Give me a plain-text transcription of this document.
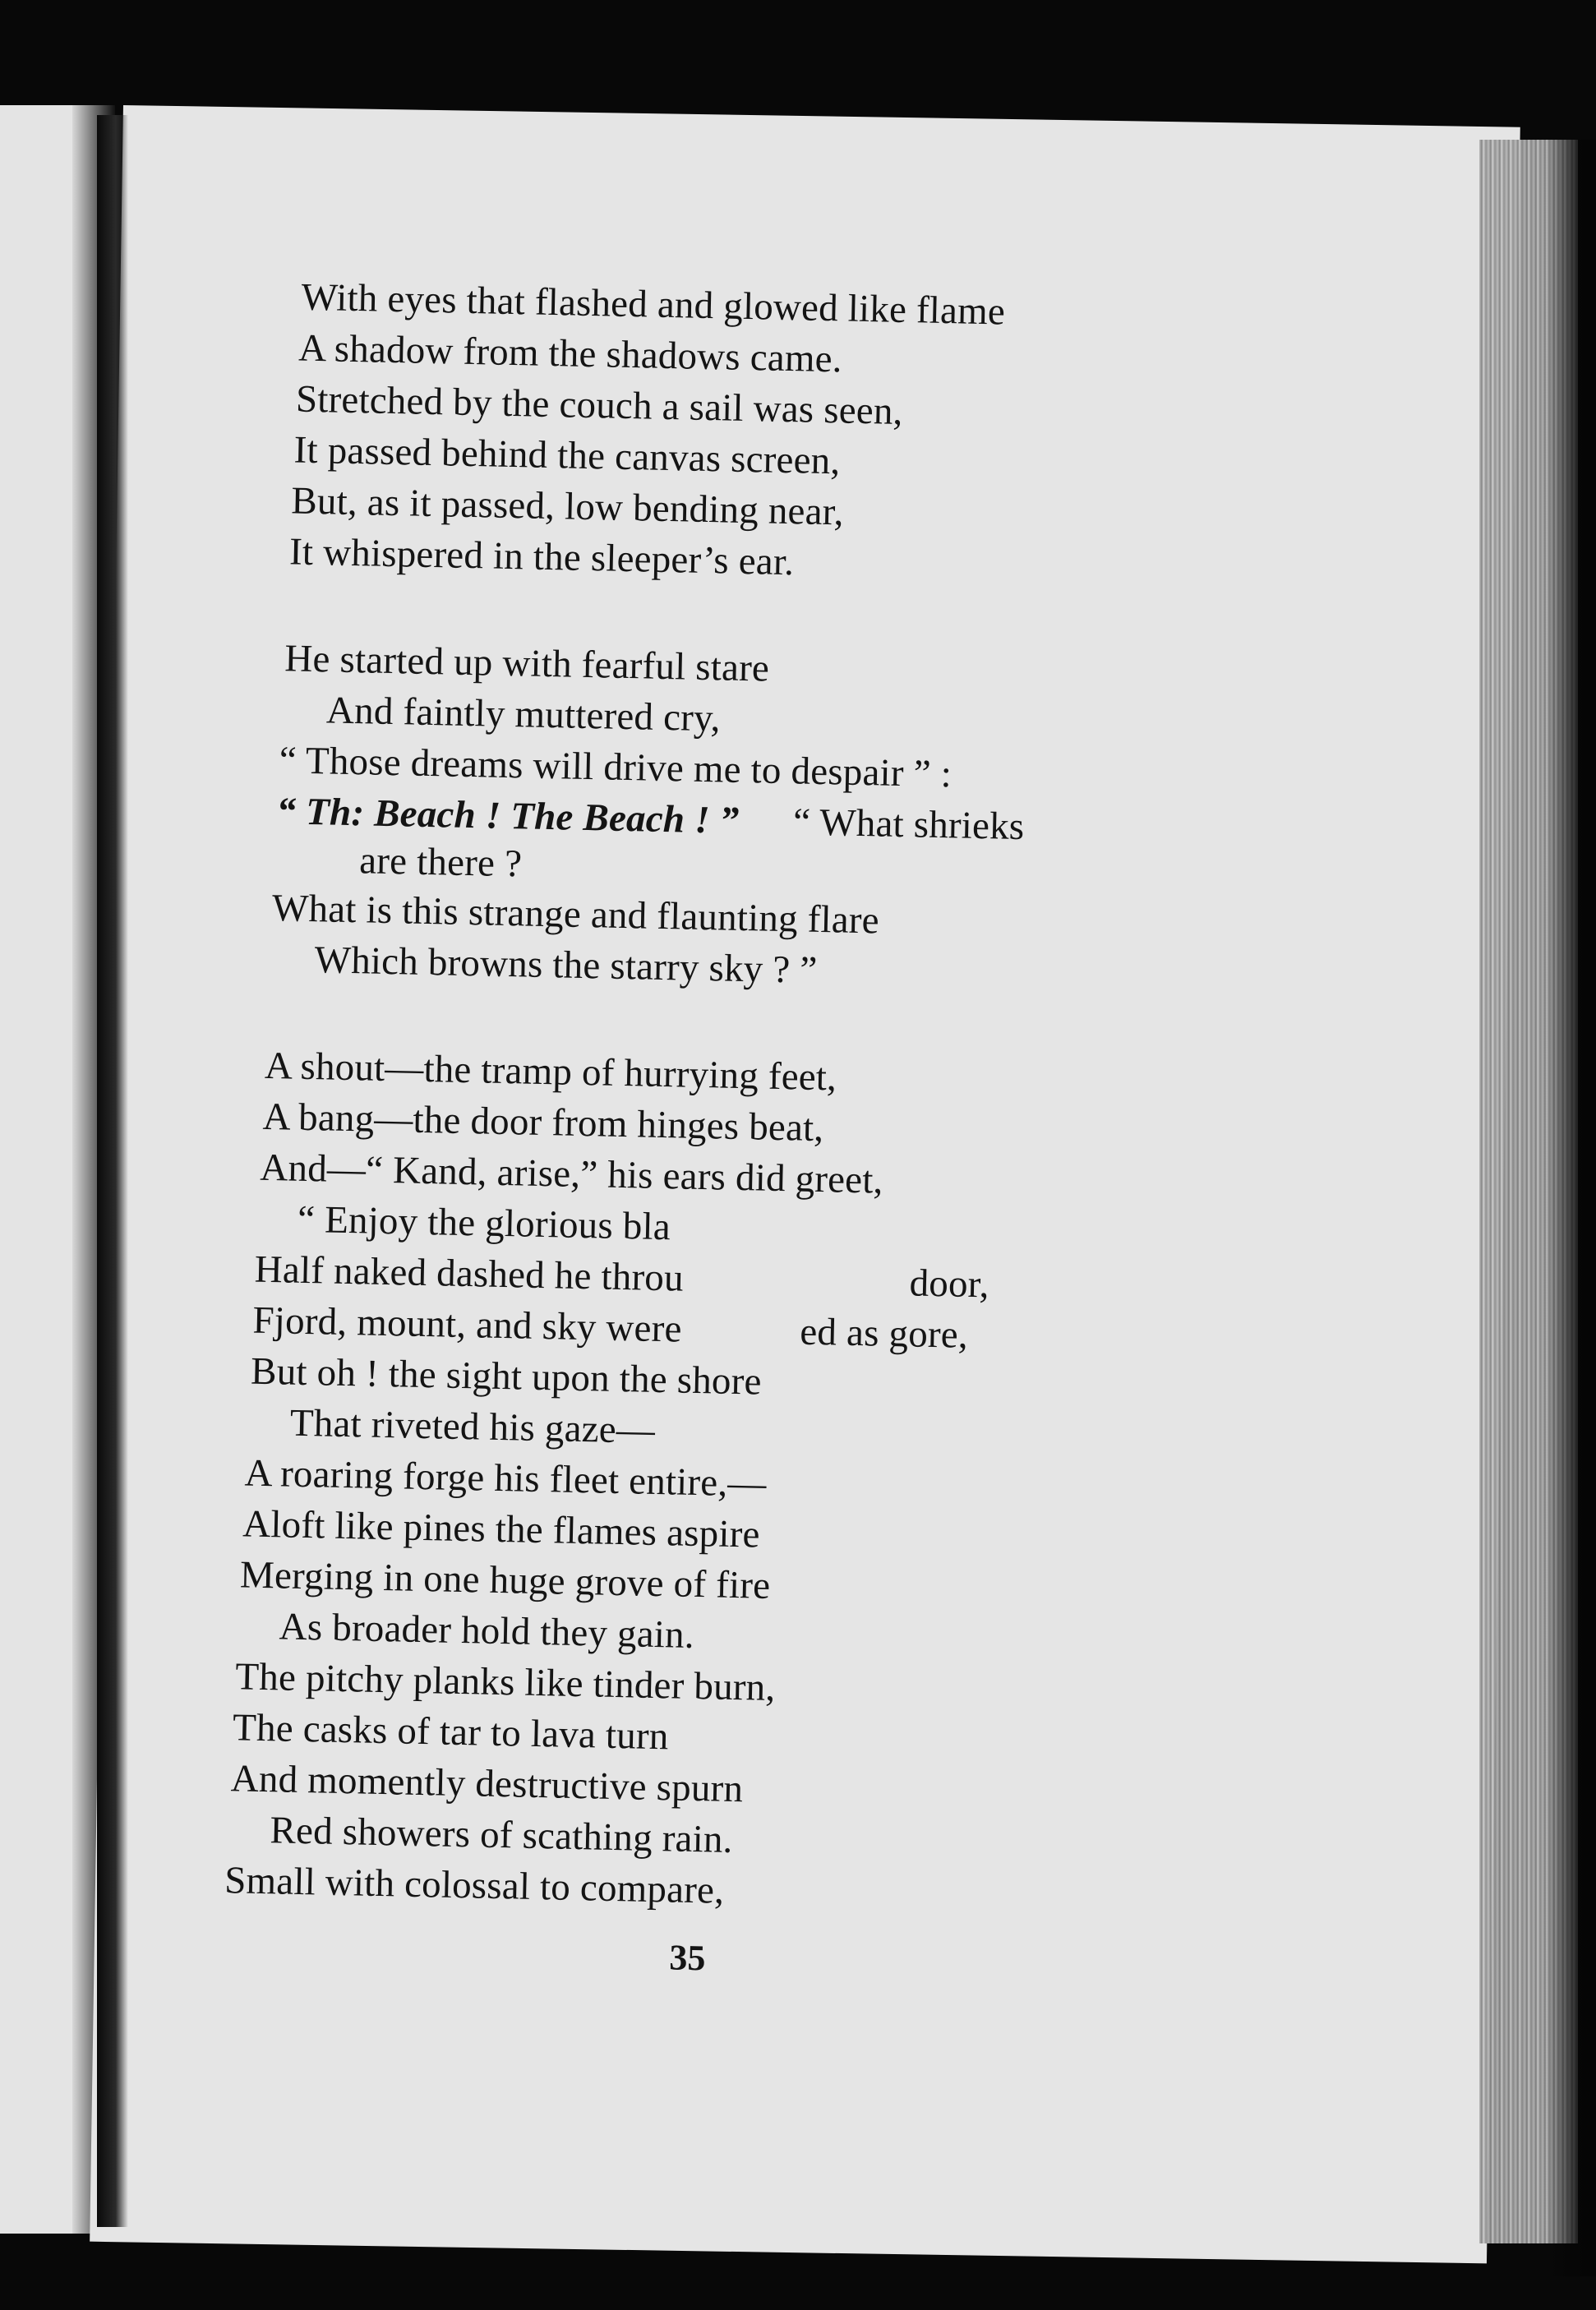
With eyes that flashed and glowed like flame
A shadow from the shadows came.
Stretched by the couch a sail was seen,
It passed behind the canvas screen,
But, as it passed, low bending near,
It whispered in the sleeper’s ear.
He started up with fearful stare
And faintly muttered cry,
“ Those dreams will drive me to despair ” :
“ Th: Beach ! The Beach ! ” “ What shrieks
are there ?
What is this strange and flaunting flare
Which browns the starry sky ? ”
A shout—the tramp of hurrying feet,
A bang—the door from hinges beat,
And—“ Kand, arise,” his ears did greet,
“ Enjoy the glorious bla
Half naked dashed he throu	door,
Fjord, mount, and sky were	ed as gore,
But oh ! the sight upon the shore
That riveted his gaze—
A roaring forge his fleet entire,—
Aloft like pines the flames aspire
Merging in one huge grove of fire
As broader hold they gain.
The pitchy planks like tinder burn,
The casks of tar to lava turn
And momently destructive spurn
Red showers of scathing rain.
Small with colossal to compare,
35
